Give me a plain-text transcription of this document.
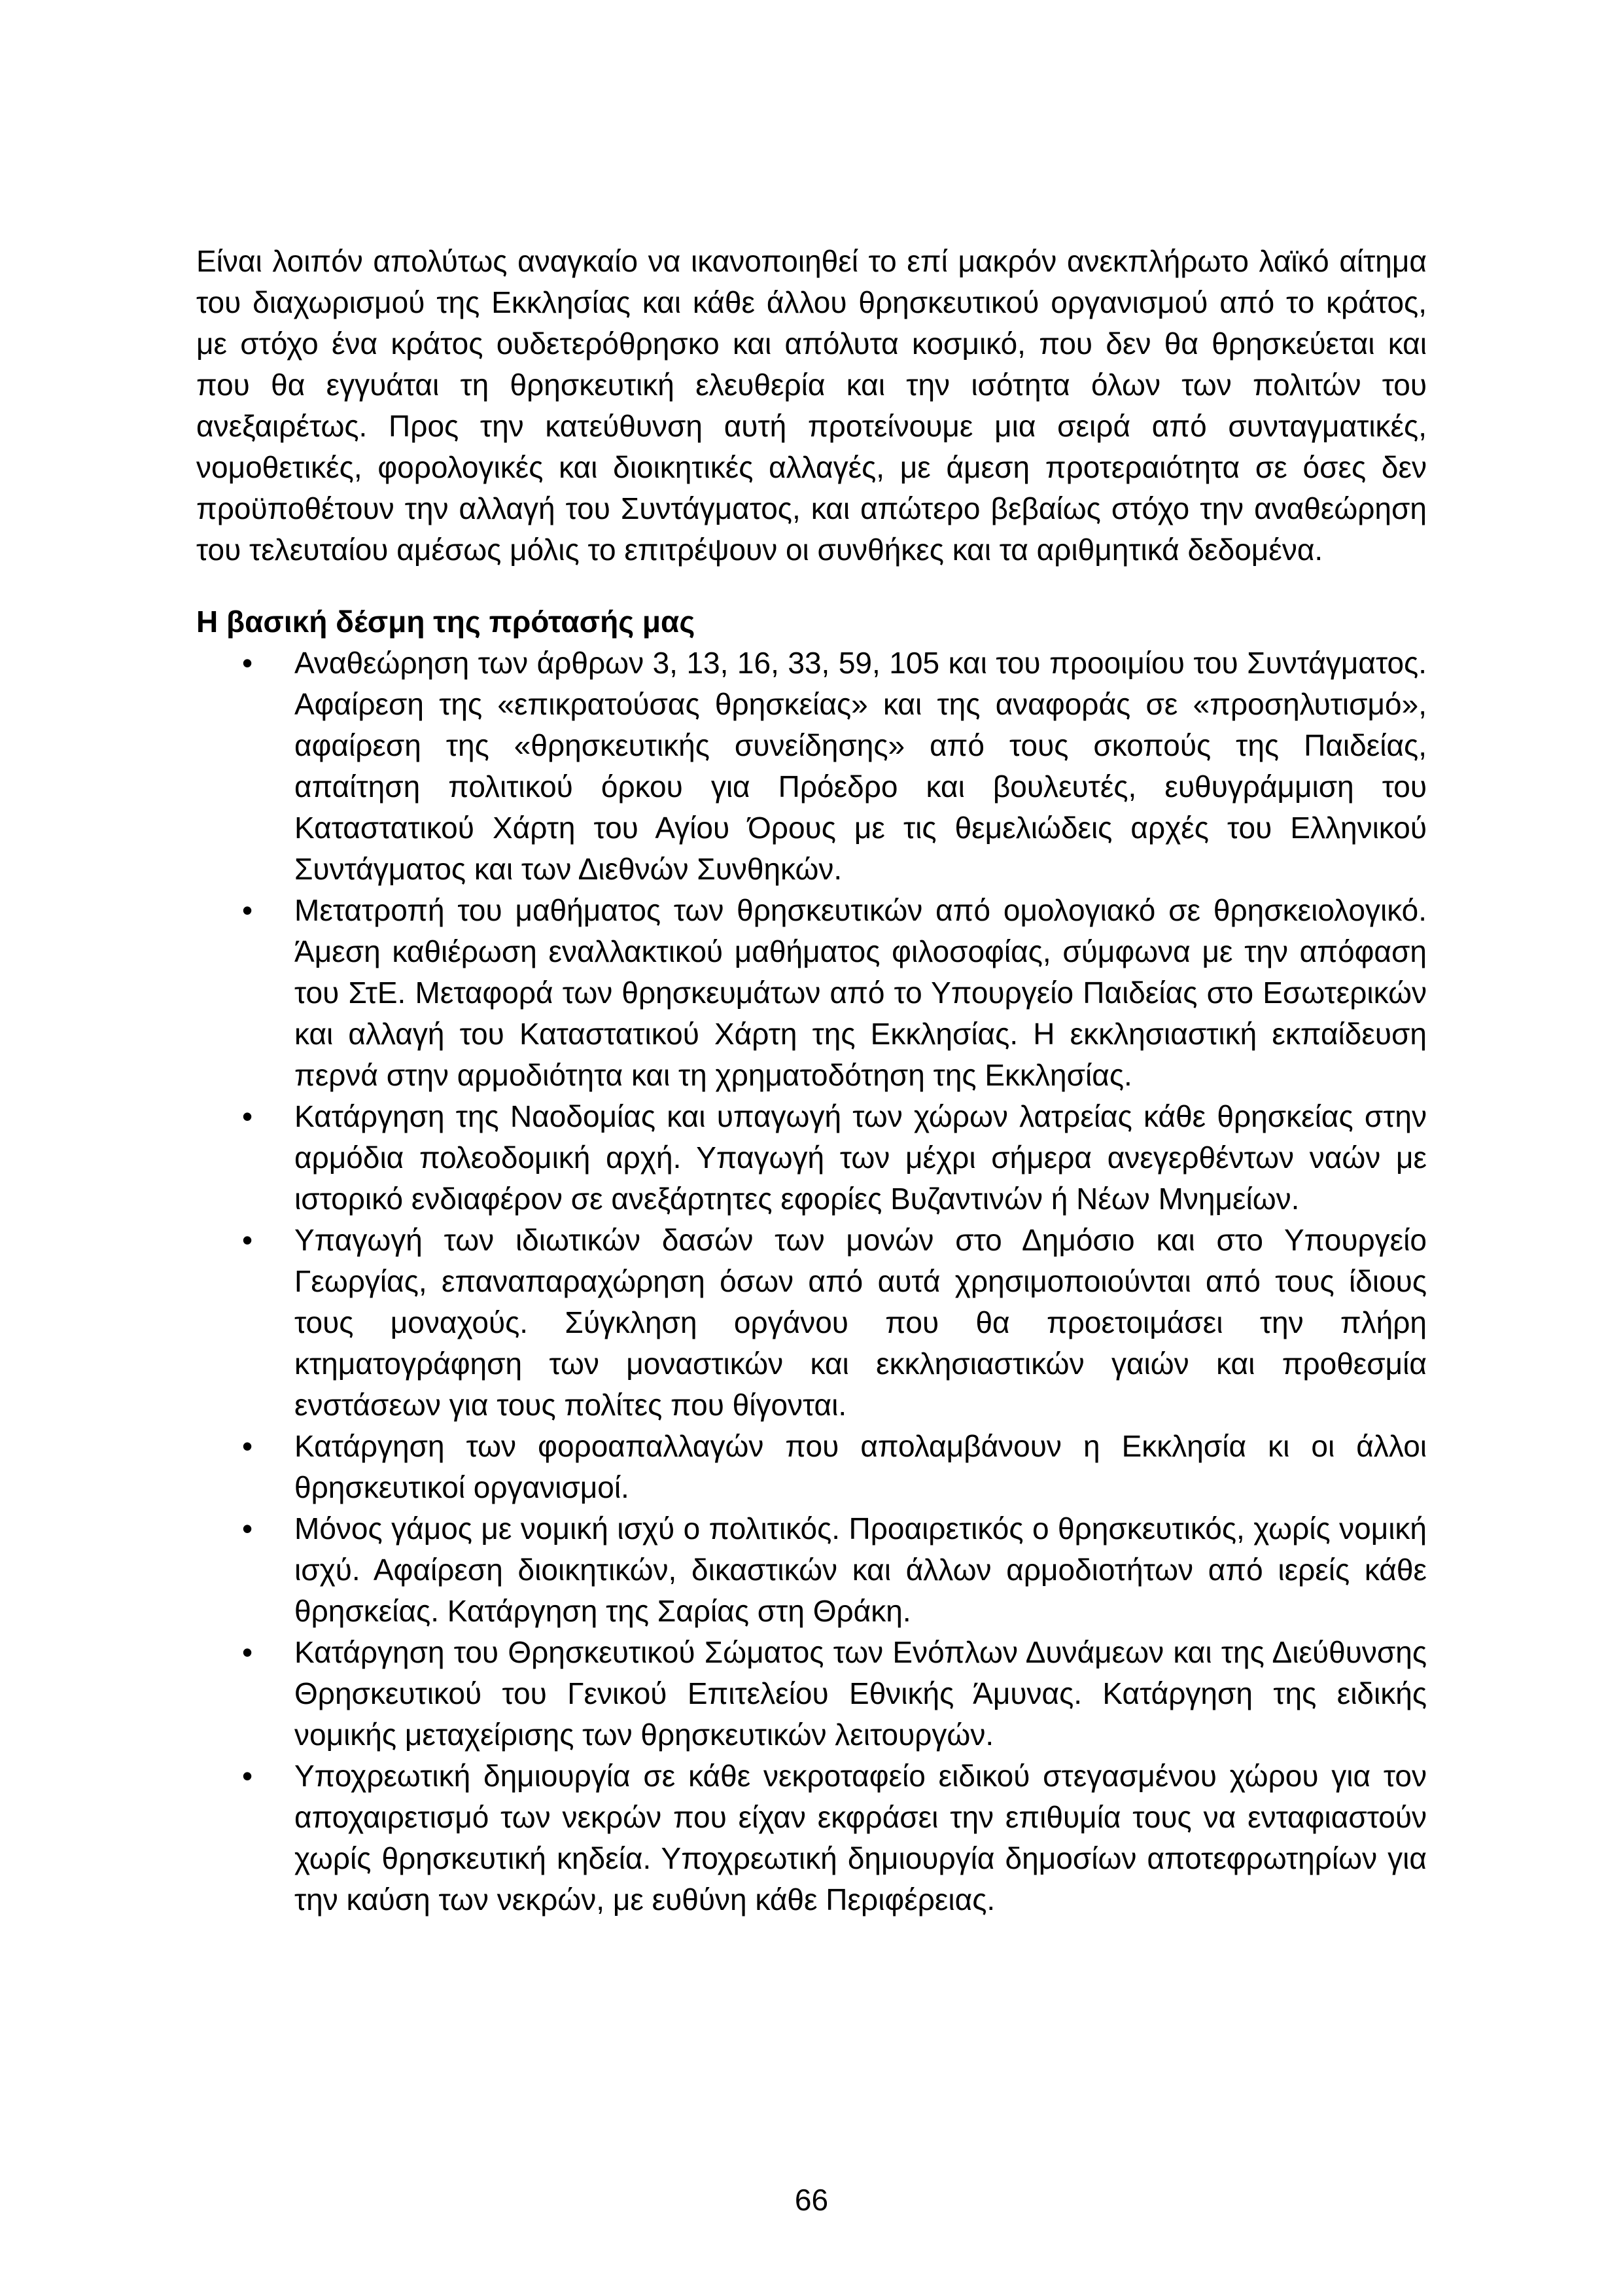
Είναι λοιπόν απολύτως αναγκαίο να ικανοποιηθεί το επί μακρόν ανεκπλήρωτο λαϊκό αίτημα του διαχωρισμού της Εκκλησίας και κάθε άλλου θρησκευτικού οργανισμού από το κράτος, με στόχο ένα κράτος ουδετερόθρησκο και απόλυτα κοσμικό, που δεν θα θρησκεύεται και που θα εγγυάται τη θρησκευτική ελευθερία και την ισότητα όλων των πολιτών του ανεξαιρέτως. Προς την κατεύθυνση αυτή προτείνουμε μια σειρά από συνταγματικές, νομοθετικές, φορολογικές και διοικητικές αλλαγές, με άμεση προτεραιότητα σε όσες δεν προϋποθέτουν την αλλαγή του Συντάγματος, και απώτερο βεβαίως στόχο την αναθεώρηση του τελευταίου αμέσως μόλις το επιτρέψουν οι συνθήκες και τα αριθμητικά δεδομένα.

Η βασική δέσμη της πρότασής μας
• Αναθεώρηση των άρθρων 3, 13, 16, 33, 59, 105 και του προοιμίου του Συντάγματος. Αφαίρεση της «επικρατούσας θρησκείας» και της αναφοράς σε «προσηλυτισμό», αφαίρεση της «θρησκευτικής συνείδησης» από τους σκοπούς της Παιδείας, απαίτηση πολιτικού όρκου για Πρόεδρο και βουλευτές, ευθυγράμμιση του Καταστατικού Χάρτη του Αγίου Όρους με τις θεμελιώδεις αρχές του Ελληνικού Συντάγματος και των Διεθνών Συνθηκών.
• Μετατροπή του μαθήματος των θρησκευτικών από ομολογιακό σε θρησκειολογικό. Άμεση καθιέρωση εναλλακτικού μαθήματος φιλοσοφίας, σύμφωνα με την απόφαση του ΣτΕ. Μεταφορά των θρησκευμάτων από το Υπουργείο Παιδείας στο Εσωτερικών και αλλαγή του Καταστατικού Χάρτη της Εκκλησίας. Η εκκλησιαστική εκπαίδευση περνά στην αρμοδιότητα και τη χρηματοδότηση της Εκκλησίας.
• Κατάργηση της Ναοδομίας και υπαγωγή των χώρων λατρείας κάθε θρησκείας στην αρμόδια πολεοδομική αρχή. Υπαγωγή των μέχρι σήμερα ανεγερθέντων ναών με ιστορικό ενδιαφέρον σε ανεξάρτητες εφορίες Βυζαντινών ή Νέων Μνημείων.
• Υπαγωγή των ιδιωτικών δασών των μονών στο Δημόσιο και στο Υπουργείο Γεωργίας, επαναπαραχώρηση όσων από αυτά χρησιμοποιούνται από τους ίδιους τους μοναχούς. Σύγκληση οργάνου που θα προετοιμάσει την πλήρη κτηματογράφηση των μοναστικών και εκκλησιαστικών γαιών και προθεσμία ενστάσεων για τους πολίτες που θίγονται.
• Κατάργηση των φοροαπαλλαγών που απολαμβάνουν η Εκκλησία κι οι άλλοι θρησκευτικοί οργανισμοί.
• Μόνος γάμος με νομική ισχύ ο πολιτικός. Προαιρετικός ο θρησκευτικός, χωρίς νομική ισχύ. Αφαίρεση διοικητικών, δικαστικών και άλλων αρμοδιοτήτων από ιερείς κάθε θρησκείας. Κατάργηση της Σαρίας στη Θράκη.
• Κατάργηση του Θρησκευτικού Σώματος των Ενόπλων Δυνάμεων και της Διεύθυνσης Θρησκευτικού του Γενικού Επιτελείου Εθνικής Άμυνας. Κατάργηση της ειδικής νομικής μεταχείρισης των θρησκευτικών λειτουργών.
• Υποχρεωτική δημιουργία σε κάθε νεκροταφείο ειδικού στεγασμένου χώρου για τον αποχαιρετισμό των νεκρών που είχαν εκφράσει την επιθυμία τους να ενταφιαστούν χωρίς θρησκευτική κηδεία. Υποχρεωτική δημιουργία δημοσίων αποτεφρωτηρίων για την καύση των νεκρών, με ευθύνη κάθε Περιφέρειας.
66
